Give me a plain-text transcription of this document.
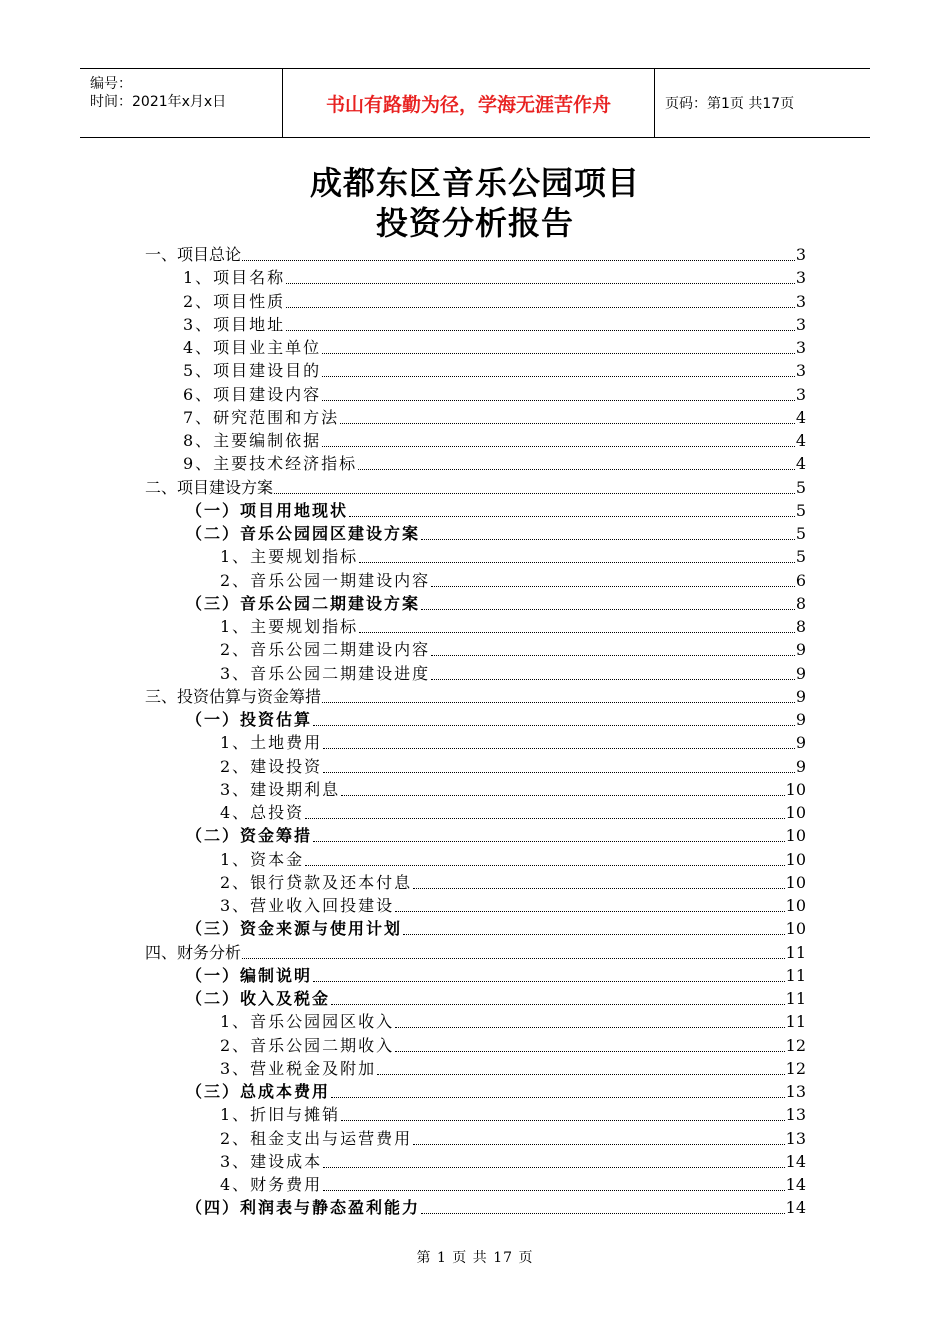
编号：
时间：2021年x月x日	书山有路勤为径，学海无涯苦作舟	页码：第1页 共17页
成都东区音乐公园项目
投资分析报告
一、项目总论	3
1、项目名称	3
2、项目性质	3
3、项目地址	3
4、项目业主单位	3
5、项目建设目的	3
6、项目建设内容	3
7、研究范围和方法	4
8、主要编制依据	4
9、主要技术经济指标	4
二、项目建设方案	5
（一）项目用地现状	5
（二）音乐公园园区建设方案	5
1、主要规划指标	5
2、音乐公园一期建设内容	6
（三）音乐公园二期建设方案	8
1、主要规划指标	8
2、音乐公园二期建设内容	9
3、音乐公园二期建设进度	9
三、投资估算与资金筹措	9
（一）投资估算	9
1、土地费用	9
2、建设投资	9
3、建设期利息	10
4、总投资	10
（二）资金筹措	10
1、资本金	10
2、银行贷款及还本付息	10
3、营业收入回投建设	10
（三）资金来源与使用计划	10
四、财务分析	11
（一）编制说明	11
（二）收入及税金	11
1、音乐公园园区收入	11
2、音乐公园二期收入	12
3、营业税金及附加	12
（三）总成本费用	13
1、折旧与摊销	13
2、租金支出与运营费用	13
3、建设成本	14
4、财务费用	14
（四）利润表与静态盈利能力	14
第 1 页 共 17 页
